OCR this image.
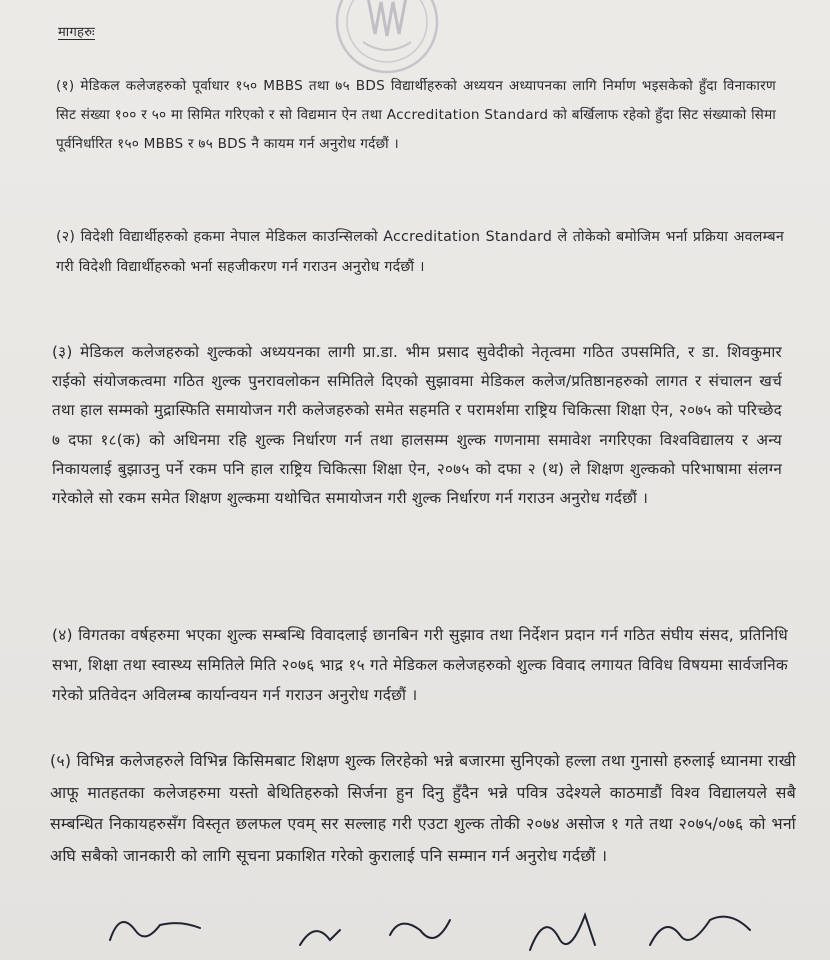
मागहरुः

(१) मेडिकल कलेजहरुको पूर्वाधार १५० MBBS तथा ७५ BDS विद्यार्थीहरुको अध्ययन अध्यापनका लागि निर्माण भइसकेको हुँदा विनाकारण सिट संख्या १०० र ५० मा सिमित गरिएको र सो विद्यमान ऐन तथा Accreditation Standard को बर्खिलाफ रहेको हुँदा सिट संख्याको सिमा पूर्वनिर्धारित १५० MBBS र ७५ BDS नै कायम गर्न अनुरोध गर्दछौं ।

(२) विदेशी विद्यार्थीहरुको हकमा नेपाल मेडिकल काउन्सिलको Accreditation Standard ले तोकेको बमोजिम भर्ना प्रक्रिया अवलम्बन गरी विदेशी विद्यार्थीहरुको भर्ना सहजीकरण गर्न गराउन अनुरोध गर्दछौं ।

(३) मेडिकल कलेजहरुको शुल्कको अध्ययनका लागी प्रा.डा. भीम प्रसाद सुवेदीको नेतृत्वमा गठित उपसमिति, र डा. शिवकुमार राईको संयोजकत्वमा गठित शुल्क पुनरावलोकन समितिले दिएको सुझावमा मेडिकल कलेज/प्रतिष्ठानहरुको लागत र संचालन खर्च तथा हाल सम्मको मुद्रास्फिति समायोजन गरी कलेजहरुको समेत सहमति र परामर्शमा राष्ट्रिय चिकित्सा शिक्षा ऐन, २०७५ को परिच्छेद ७ दफा १८(क) को अधिनमा रहि शुल्क निर्धारण गर्न तथा हालसम्म शुल्क गणनामा समावेश नगरिएका विश्वविद्यालय र अन्य निकायलाई बुझाउनु पर्ने रकम पनि हाल राष्ट्रिय चिकित्सा शिक्षा ऐन, २०७५ को दफा २ (थ) ले शिक्षण शुल्कको परिभाषामा संलग्न गरेकोले सो रकम समेत शिक्षण शुल्कमा यथोचित समायोजन गरी शुल्क निर्धारण गर्न गराउन अनुरोध गर्दछौं ।

(४) विगतका वर्षहरुमा भएका शुल्क सम्बन्धि विवादलाई छानबिन गरी सुझाव तथा निर्देशन प्रदान गर्न गठित संघीय संसद, प्रतिनिधि सभा, शिक्षा तथा स्वास्थ्य समितिले मिति २०७६ भाद्र १५ गते मेडिकल कलेजहरुको शुल्क विवाद लगायत विविध विषयमा सार्वजनिक गरेको प्रतिवेदन अविलम्ब कार्यान्वयन गर्न गराउन अनुरोध गर्दछौं ।

(५) विभिन्न कलेजहरुले विभिन्न किसिमबाट शिक्षण शुल्क लिरहेको भन्ने बजारमा सुनिएको हल्ला तथा गुनासो हरुलाई ध्यानमा राखी आफू मातहतका कलेजहरुमा यस्तो बेथितिहरुको सिर्जना हुन दिनु हुँदैन भन्ने पवित्र उदेश्यले काठमाडौं विश्व विद्यालयले सबै सम्बन्धित निकायहरुसँग विस्तृत छलफल एवम् सर सल्लाह गरी एउटा शुल्क तोकी २०७४ असोज १ गते तथा २०७५/०७६ को भर्ना अघि सबैको जानकारी को लागि सूचना प्रकाशित गरेको कुरालाई पनि सम्मान गर्न अनुरोध गर्दछौं ।
